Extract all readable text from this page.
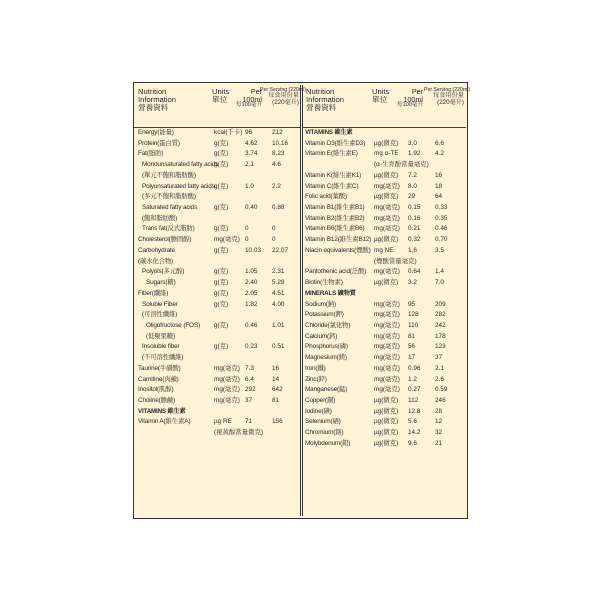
Nutrition
Information
營養資料
Units
單位
Per
100ml
每100毫升
Per Serving (220ml)
每食用份量
(220毫升)
Energy(能量)	kcal(千卡) 96	212
Protein(蛋白質)	g(克)	4.62 10.16
Fat(脂肪)	g(克)	3.74 8.23
Monounsaturated fatty acids
g(克)	2.1	4.6
(單元不飽和脂肪酸)
Polyunsaturated fatty acids g(克)	1.0	2.2
(多元不飽和脂肪酸)
Saturated fatty acids	g(克)	0.40 0.88
(飽和脂肪酸)
Trans fat(反式脂肪)	g(克)	0	0
Cholesterol(膽固醇)	mg(毫克) 0	0
Carbohydrate	g(克)	10.03 22.07
(碳水化合物)
Polyols(多元醇)	g(克)	1.05 2.31
Sugars(糖)	g(克)	2.40 5.28
Fiber(纖維)	g(克)	2.05 4.51
Soluble Fiber	g(克)	1.82 4.00
(可溶性纖維)
Oligofructose (FOS) g(克)	0.46 1.01
(低聚果糖)
Insoluble fiber	g(克)	0.23 0.51
(不可溶性纖維)
Taurine(牛磺酸)	mg(毫克) 7.3	16
Carnitine(肉鹼)	mg(毫克) 6.4	14
Inositol(肌醇)	mg(毫克) 292	642
Choline(膽鹼)	mg(毫克) 37	81
VITAMINS 維生素
Vitamin A(維生素A)	µg RE 71	156
(視黃醇當量微克)
Nutrition
Information
營養資料
Units
單位
Per
100ml
每100毫升
Per Serving (220ml)
每食用份量
(220毫升)
VITAMINS 維生素
Vitamin D3(維生素D3) µg(微克) 3.0	6.6
Vitamin E(維生素E)	mg α-TE 1.92 4.2
(α-生育酚當量毫克)
Vitamin K(維生素K1) µg(微克) 7.2	16
Vitamin C(維生素C) mg(毫克) 8.0	18
Folic acid(葉酸)	µg(微克) 29	64
Vitamin B1(維生素B1) mg(毫克) 0.15 0.33
Vitamin B2(維生素B2) mg(毫克) 0.16 0.35
Vitamin B6(維生素B6) mg(毫克) 0.21 0.46
Vitamin B12(維生素B12) µg(微克) 0.32 0.70
Niacin equivalents(煙酸) mg NE 1.6	3.5
(煙酸當量毫克)
Pantothenic acid(泛酸) mg(毫克) 0.64 1.4
Biotin(生物素)	µg(微克) 3.2	7.0
MINERALS 礦物質
Sodium(鈉)	mg(毫克) 95	209
Potassium(鉀)	mg(毫克) 128	282
Chloride(氯化物)	mg(毫克) 110	242
Calcium(鈣)	mg(毫克) 81	178
Phosphorus(磷)	mg(毫克) 56	123
Magnesium(鎂)	mg(毫克) 17	37
Iron(鐵)	mg(毫克) 0.96 2.1
Zinc(鋅)	mg(毫克) 1.2	2.6
Manganese(錳)	mg(毫克) 0.27 0.59
Copper(銅)	µg(微克) 112	246
Iodine(碘)	µg(微克) 12.8 28
Selenium(硒)	µg(微克) 5.6	12
Chromium(鉻)	µg(微克) 14.2 32
Molybdenum(鉬)	µg(微克) 9.6	21
